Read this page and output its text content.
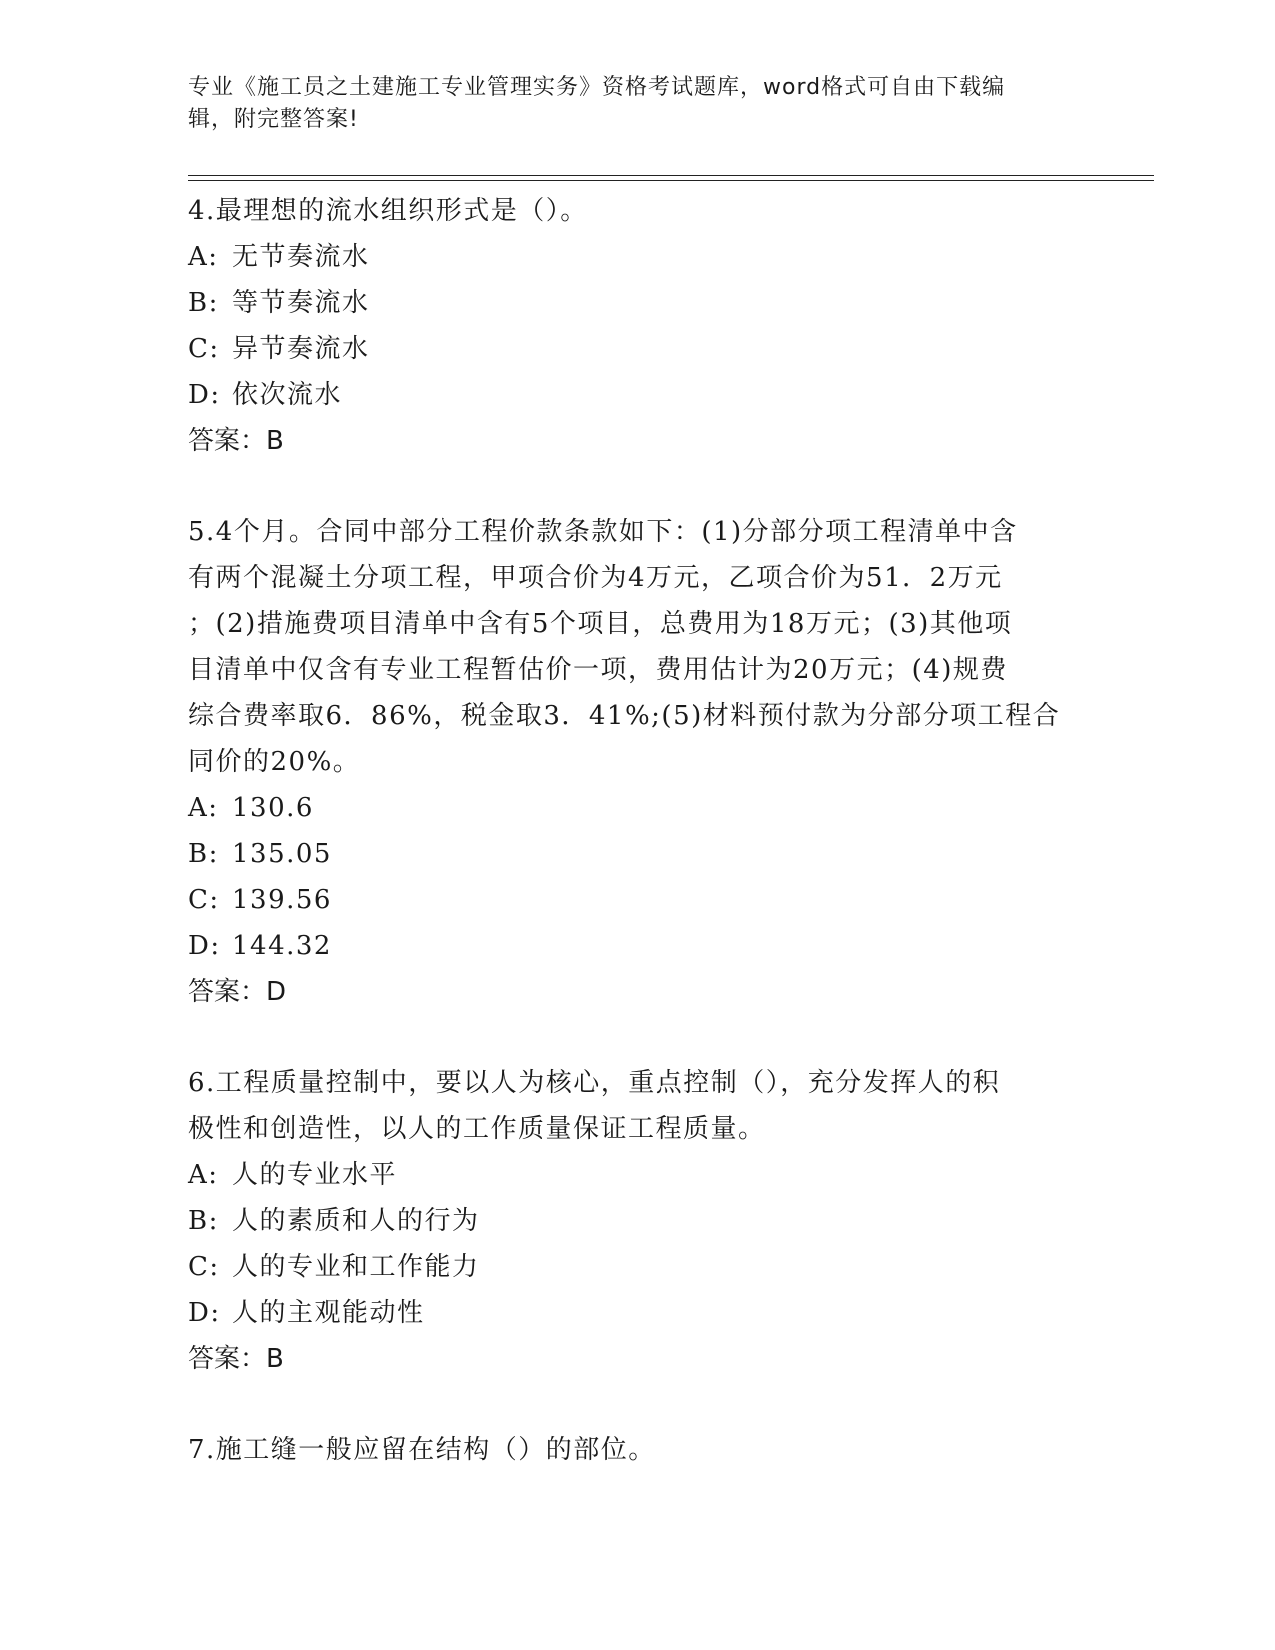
专业《施工员之土建施工专业管理实务》资格考试题库，word格式可自由下载编
辑，附完整答案!

4.最理想的流水组织形式是（）。

A: 无节奏流水

B: 等节奏流水

C: 异节奏流水

D: 依次流水

答案：B

5.4个月。合同中部分工程价款条款如下：(1)分部分项工程清单中含

有两个混凝土分项工程，甲项合价为4万元，乙项合价为51．2万元

；(2)措施费项目清单中含有5个项目，总费用为18万元；(3)其他项

目清单中仅含有专业工程暂估价一项，费用估计为20万元；(4)规费

综合费率取6．86%，税金取3．41%;(5)材料预付款为分部分项工程合

同价的20%。

A: 130.6

B: 135.05

C: 139.56

D: 144.32

答案：D

6.工程质量控制中，要以人为核心，重点控制（），充分发挥人的积

极性和创造性，以人的工作质量保证工程质量。

A: 人的专业水平

B: 人的素质和人的行为

C: 人的专业和工作能力

D: 人的主观能动性

答案：B

7.施工缝一般应留在结构（）的部位。
